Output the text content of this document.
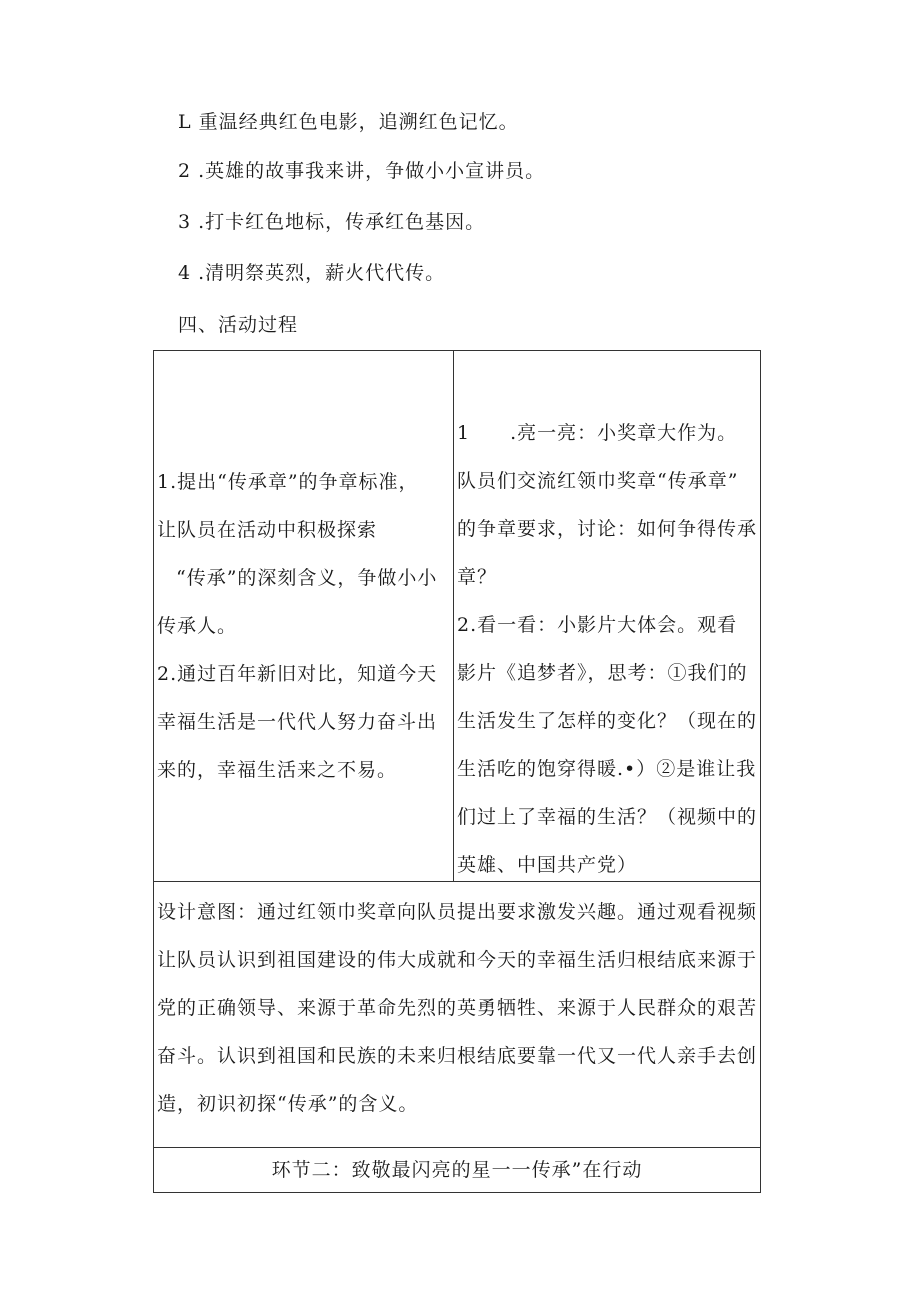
L 重温经典红色电影，追溯红色记忆。
2 .英雄的故事我来讲，争做小小宣讲员。
3 .打卡红色地标，传承红色基因。
4 .清明祭英烈，薪火代代传。
四、活动过程
1.提出“传承章”的争章标准，
让队员在活动中积极探索
“传承”的深刻含义，争做小小
传承人。
2.通过百年新旧对比，知道今天
幸福生活是一代代人努力奋斗出
来的，幸福生活来之不易。

1　　.亮一亮：小奖章大作为。
队员们交流红领巾奖章“传承章”
的争章要求，讨论：如何争得传承
章？
2.看一看：小影片大体会。观看
影片《追梦者》，思考：①我们的
生活发生了怎样的变化？（现在的
生活吃的饱穿得暖.•）②是谁让我
们过上了幸福的生活？（视频中的
英雄、中国共产党）

设计意图：通过红领巾奖章向队员提出要求激发兴趣。通过观看视频
让队员认识到祖国建设的伟大成就和今天的幸福生活归根结底来源于
党的正确领导、来源于革命先烈的英勇牺牲、来源于人民群众的艰苦
奋斗。认识到祖国和民族的未来归根结底要靠一代又一代人亲手去创
造，初识初探“传承”的含义。

环节二：致敬最闪亮的星一一传承”在行动
